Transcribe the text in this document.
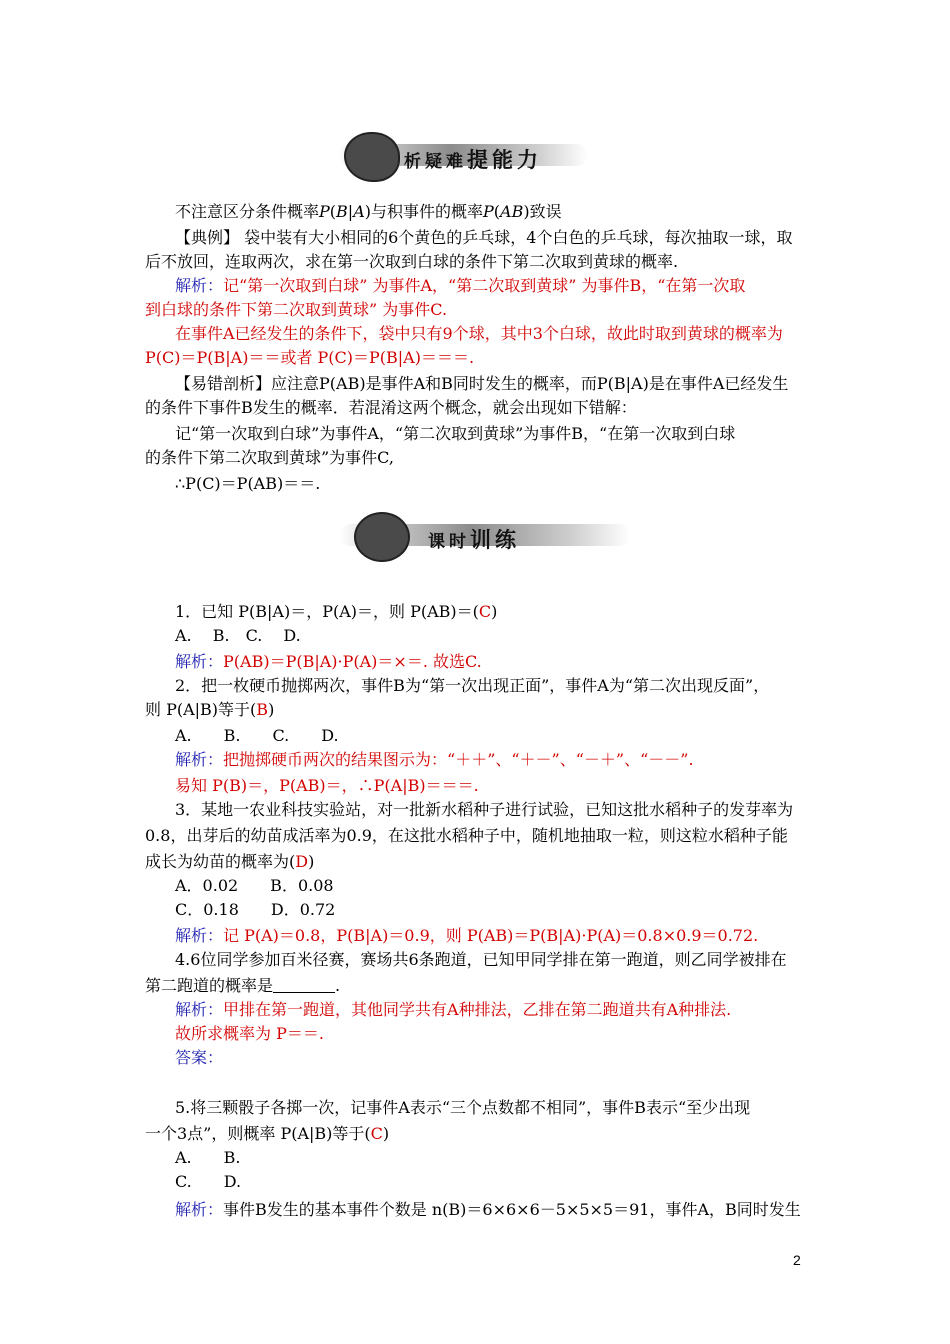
析疑难提能力
不注意区分条件概率P(B|A)与积事件的概率P(AB)致误
【典例】 袋中装有大小相同的6个黄色的乒乓球，4个白色的乒乓球，每次抽取一球，取
后不放回，连取两次，求在第一次取到白球的条件下第二次取到黄球的概率.
解析：记“第一次取到白球” 为事件A，“第二次取到黄球” 为事件B，“在第一次取
到白球的条件下第二次取到黄球” 为事件C.
在事件A已经发生的条件下，袋中只有9个球，其中3个白球，故此时取到黄球的概率为
P(C)＝P(B|A)＝＝或者 P(C)＝P(B|A)＝＝＝.
【易错剖析】应注意P(AB)是事件A和B同时发生的概率，而P(B|A)是在事件A已经发生
的条件下事件B发生的概率．若混淆这两个概念，就会出现如下错解：
记“第一次取到白球”为事件A，“第二次取到黄球”为事件B，“在第一次取到白球
的条件下第二次取到黄球”为事件C,
∴P(C)＝P(AB)＝＝.
课时训练
1．已知 P(B|A)＝，P(A)＝，则 P(AB)＝(C)
A.　 B.　C.　 D.
解析：P(AB)＝P(B|A)·P(A)＝×＝. 故选C.
2．把一枚硬币抛掷两次，事件B为“第一次出现正面”，事件A为“第二次出现反面”，
则 P(A|B)等于(B)
A.　　B.　　C.　　D.
解析：把抛掷硬币两次的结果图示为：“＋＋”、“＋－”、“－＋”、“－－”.
易知 P(B)＝，P(AB)＝，∴P(A|B)＝＝＝.
3．某地一农业科技实验站，对一批新水稻种子进行试验，已知这批水稻种子的发芽率为
0.8，出芽后的幼苗成活率为0.9，在这批水稻种子中，随机地抽取一粒，则这粒水稻种子能
成长为幼苗的概率为(D)
A．0.02　　B．0.08
C．0.18　　D．0.72
解析：记 P(A)＝0.8，P(B|A)＝0.9，则 P(AB)＝P(B|A)·P(A)＝0.8×0.9＝0.72.
4.6位同学参加百米径赛，赛场共6条跑道，已知甲同学排在第一跑道，则乙同学被排在
第二跑道的概率是	.
解析：甲排在第一跑道，其他同学共有A种排法，乙排在第二跑道共有A种排法.
故所求概率为 P＝＝.
答案：
5.将三颗骰子各掷一次，记事件A表示“三个点数都不相同”，事件B表示“至少出现
一个3点”，则概率 P(A|B)等于(C)
A.　　B.
C.　　D.
解析：事件B发生的基本事件个数是 n(B)＝6×6×6－5×5×5＝91，事件A，B同时发生
2
